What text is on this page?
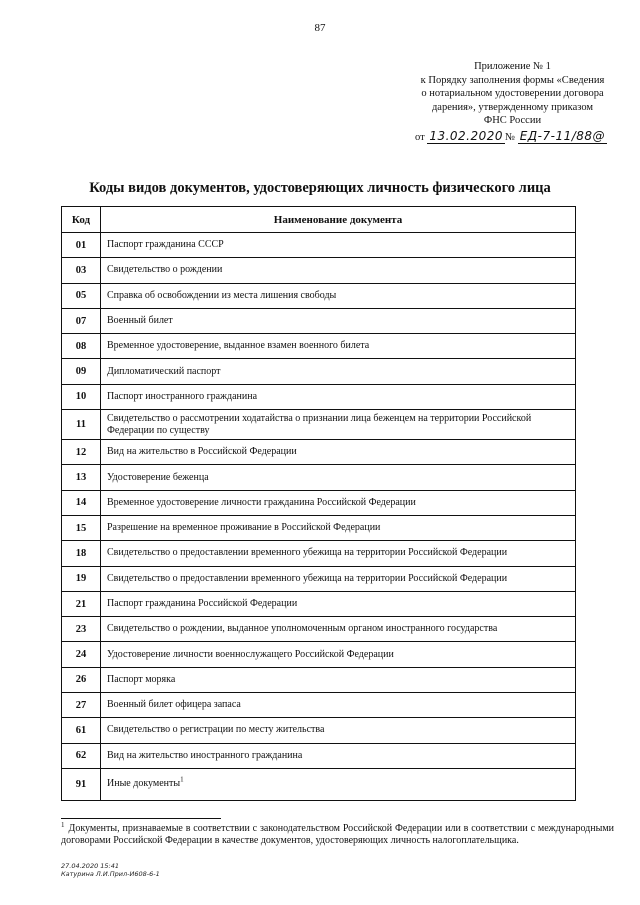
87
Приложение № 1
к Порядку заполнения формы «Сведения
о нотариальном удостоверении договора
дарения», утвержденному приказом
ФНС России
от 13.02.2020 № ЕД-7-11/88@
Коды видов документов, удостоверяющих личность физического лица
Код	Наименование документа
01	Паспорт гражданина СССР
03	Свидетельство о рождении
05	Справка об освобождении из места лишения свободы
07	Военный билет
08	Временное удостоверение, выданное взамен военного билета
09	Дипломатический паспорт
10	Паспорт иностранного гражданина
11	Свидетельство о рассмотрении ходатайства о признании лица беженцем на территории Российской Федерации по существу
12	Вид на жительство в Российской Федерации
13	Удостоверение беженца
14	Временное удостоверение личности гражданина Российской Федерации
15	Разрешение на временное проживание в Российской Федерации
18	Свидетельство о предоставлении временного убежища на территории Российской Федерации
19	Свидетельство о предоставлении временного убежища на территории Российской Федерации
21	Паспорт гражданина Российской Федерации
23	Свидетельство о рождении, выданное уполномоченным органом иностранного государства
24	Удостоверение личности военнослужащего Российской Федерации
26	Паспорт моряка
27	Военный билет офицера запаса
61	Свидетельство о регистрации по месту жительства
62	Вид на жительство иностранного гражданина
91	Иные документы$^1$
$^1$ Документы, признаваемые в соответствии с законодательством Российской Федерации или в соответствии с международными договорами Российской Федерации в качестве документов, удостоверяющих личность налогоплательщика.
27.04.2020 15:41
Катурина Л.И.Прил-И608-6-1
